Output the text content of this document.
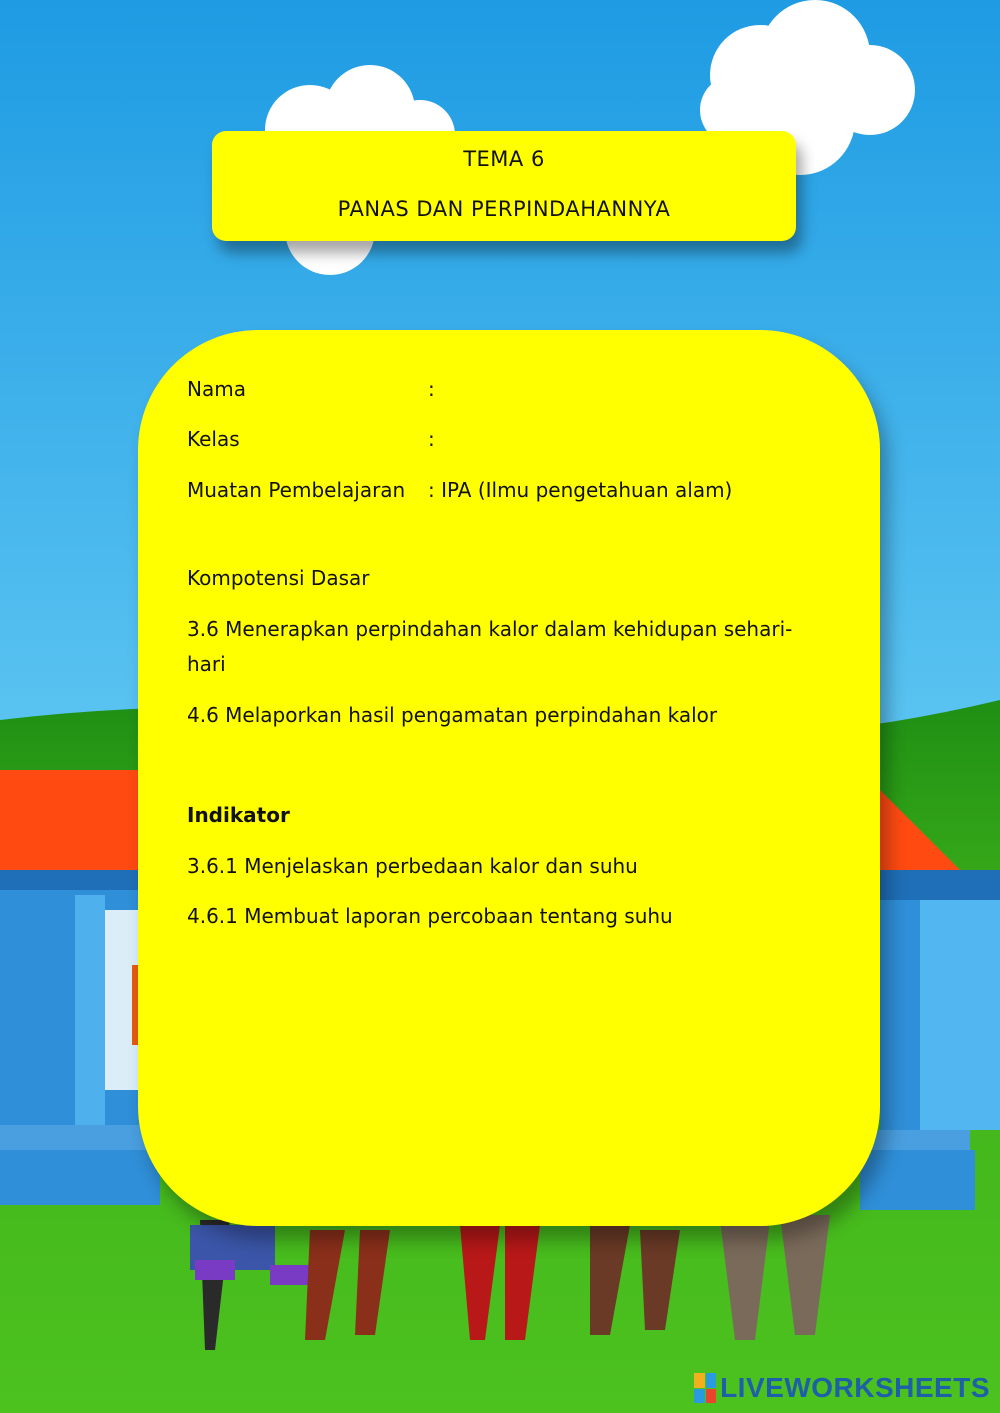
TEMA 6
PANAS DAN PERPINDAHANNYA
Nama	:
Kelas	:
Muatan Pembelajaran : IPA (Ilmu pengetahuan alam)
Kompotensi Dasar
3.6 Menerapkan perpindahan kalor dalam kehidupan sehari-hari
4.6 Melaporkan hasil pengamatan perpindahan kalor
Indikator
3.6.1 Menjelaskan perbedaan kalor dan suhu
4.6.1 Membuat laporan percobaan tentang suhu
LIVEWORKSHEETS
